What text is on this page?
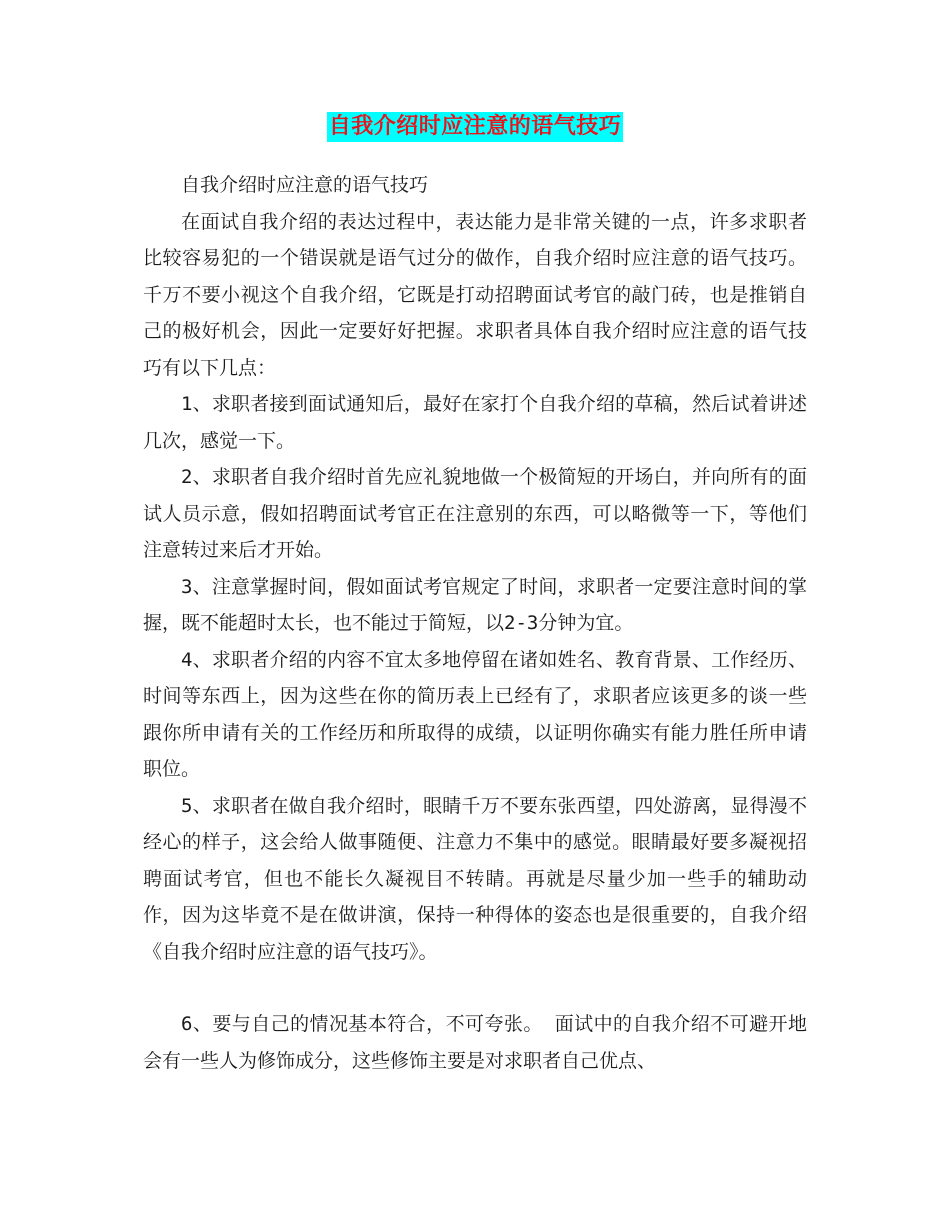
自我介绍时应注意的语气技巧

自我介绍时应注意的语气技巧

在面试自我介绍的表达过程中，表达能力是非常关键的一点，许多求职者比较容易犯的一个错误就是语气过分的做作，自我介绍时应注意的语气技巧。千万不要小视这个自我介绍，它既是打动招聘面试考官的敲门砖，也是推销自己的极好机会，因此一定要好好把握。求职者具体自我介绍时应注意的语气技巧有以下几点：

1、求职者接到面试通知后，最好在家打个自我介绍的草稿，然后试着讲述几次，感觉一下。

2、求职者自我介绍时首先应礼貌地做一个极简短的开场白，并向所有的面试人员示意，假如招聘面试考官正在注意别的东西，可以略微等一下，等他们注意转过来后才开始。

3、注意掌握时间，假如面试考官规定了时间，求职者一定要注意时间的掌握，既不能超时太长，也不能过于简短，以2-3分钟为宜。

4、求职者介绍的内容不宜太多地停留在诸如姓名、教育背景、工作经历、时间等东西上，因为这些在你的简历表上已经有了，求职者应该更多的谈一些跟你所申请有关的工作经历和所取得的成绩，以证明你确实有能力胜任所申请职位。

5、求职者在做自我介绍时，眼睛千万不要东张西望，四处游离，显得漫不经心的样子，这会给人做事随便、注意力不集中的感觉。眼睛最好要多凝视招聘面试考官，但也不能长久凝视目不转睛。再就是尽量少加一些手的辅助动作，因为这毕竟不是在做讲演，保持一种得体的姿态也是很重要的，自我介绍《自我介绍时应注意的语气技巧》。

6、要与自己的情况基本符合，不可夸张。 面试中的自我介绍不可避开地会有一些人为修饰成分，这些修饰主要是对求职者自己优点、
